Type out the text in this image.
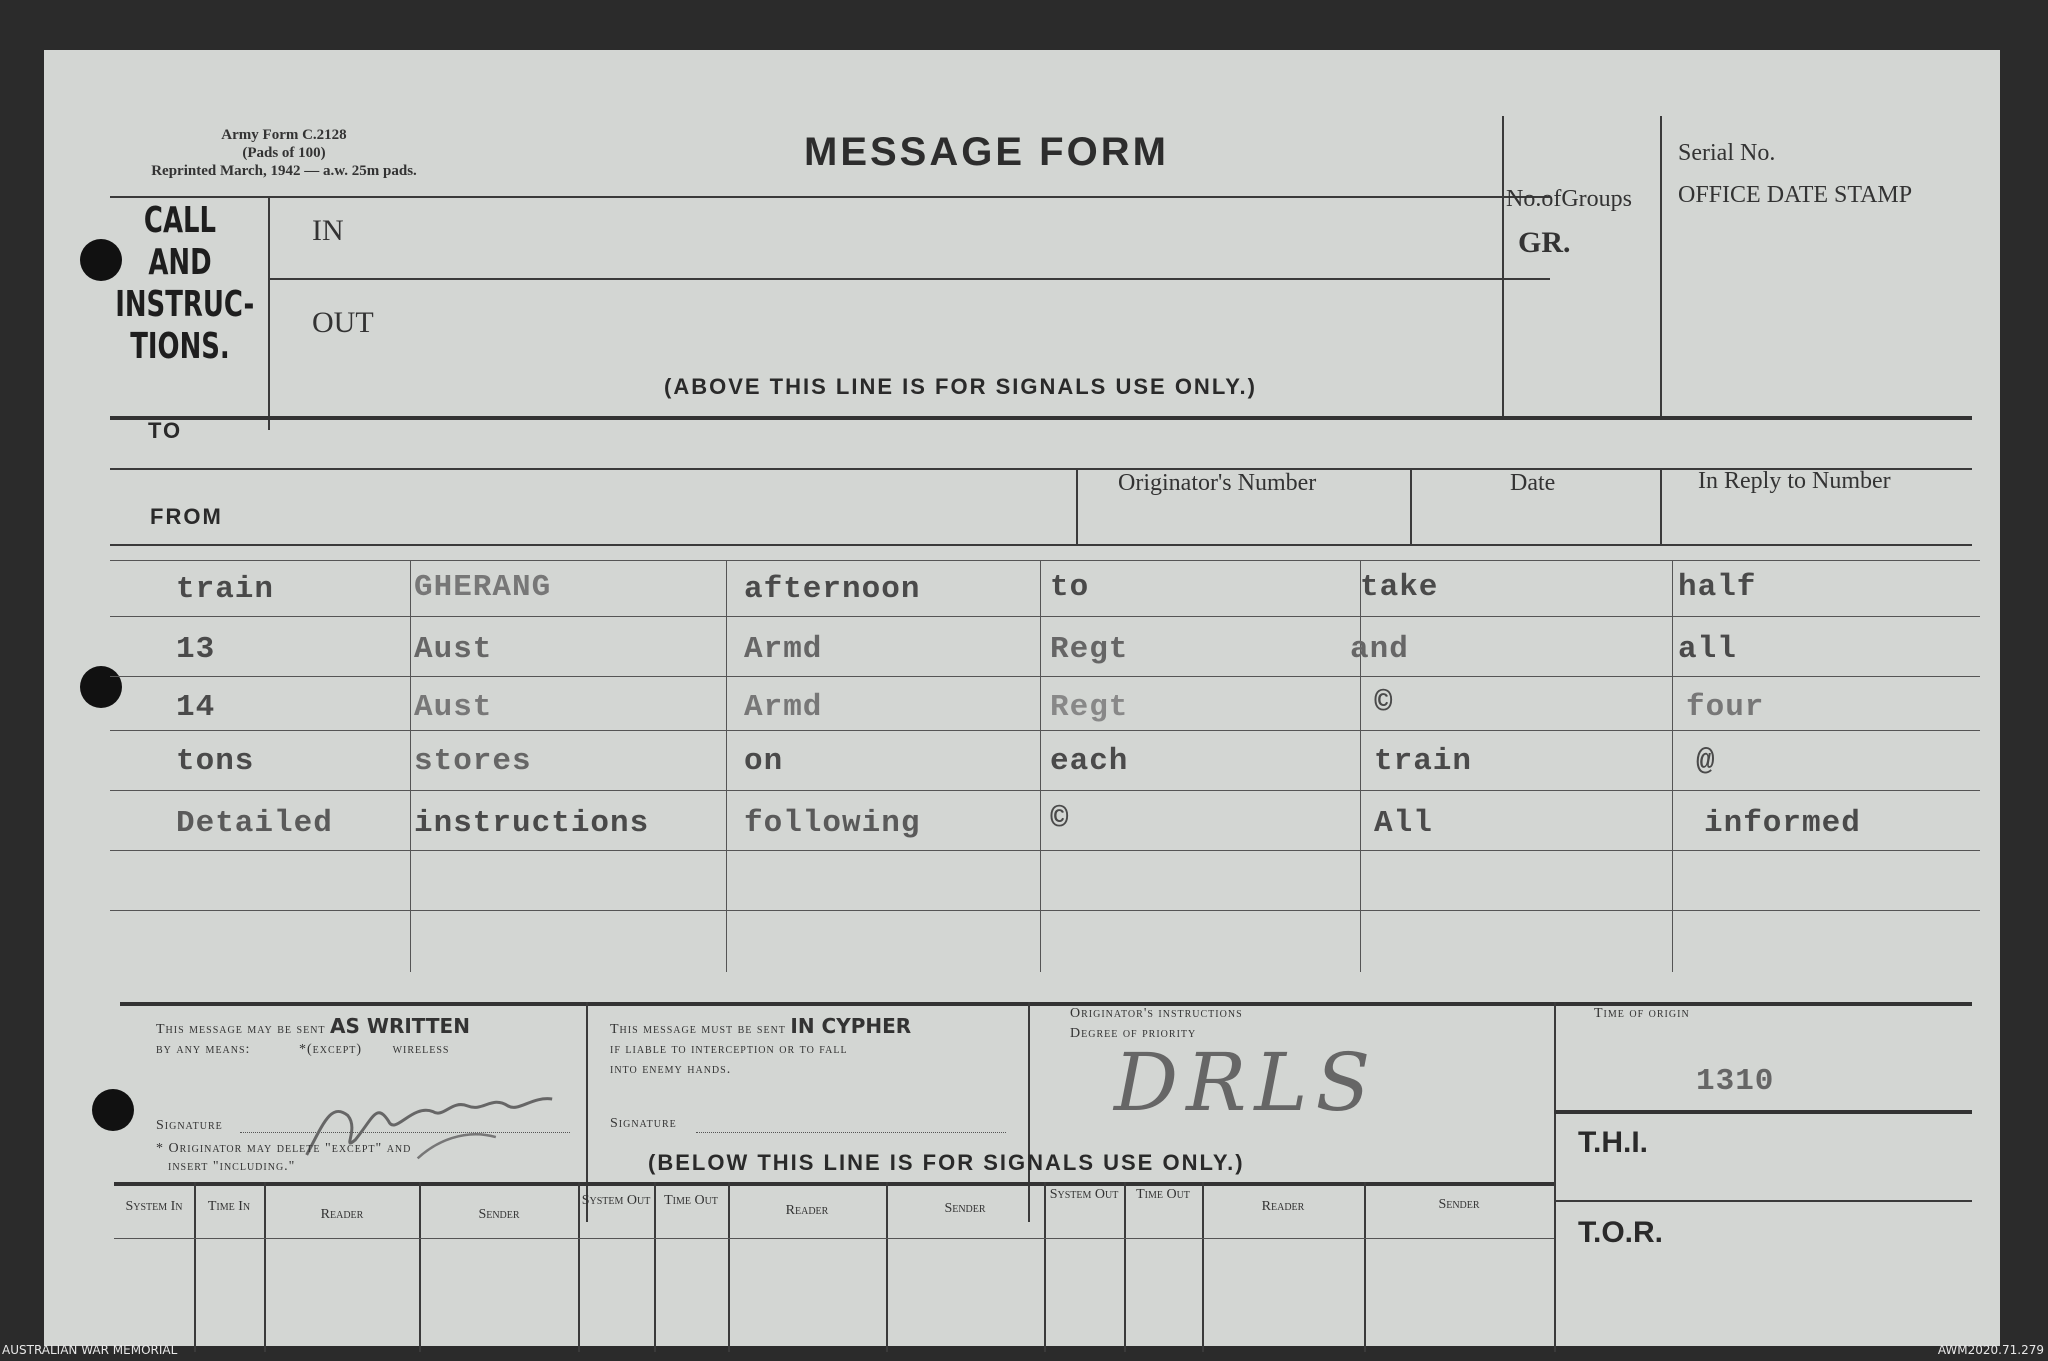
Army Form C.2128
(Pads of 100)
Reprinted March, 1942 — a.w. 25m pads.	MESSAGE FORM
CALL
AND
INSTRUC-
TIONS.
IN
OUT
No.ofGroups
GR.
Serial No.
OFFICE DATE STAMP
(ABOVE THIS LINE IS FOR SIGNALS USE ONLY.)
TO
FROM
Originator's Number	Date	In Reply to Number
train	GHERANG	afternoon	to	take	half
13	Aust	Armd	Regt	and	all
14	Aust	Armd	Regt	©	four
tons	stores	on	each	train	@
Detailed	instructions	following	©	All	informed
This message may be sent AS WRITTEN
by any means:	*(except) wireless
Signature
* Originator may delete "except" and
insert "including."
This message must be sent IN CYPHER
if liable to interception or to fall
into enemy hands.
Signature
Originator's instructions
Degree of priority
DRLS
Time of origin
1310
T.H.I.
T.O.R.
(BELOW THIS LINE IS FOR SIGNALS USE ONLY.)
System In	Time In
Reader	Sender
System Out Time Out
Reader	Sender
System Out	Time Out
Reader	Sender
AUSTRALIAN WAR MEMORIAL	AWM2020.71.279
